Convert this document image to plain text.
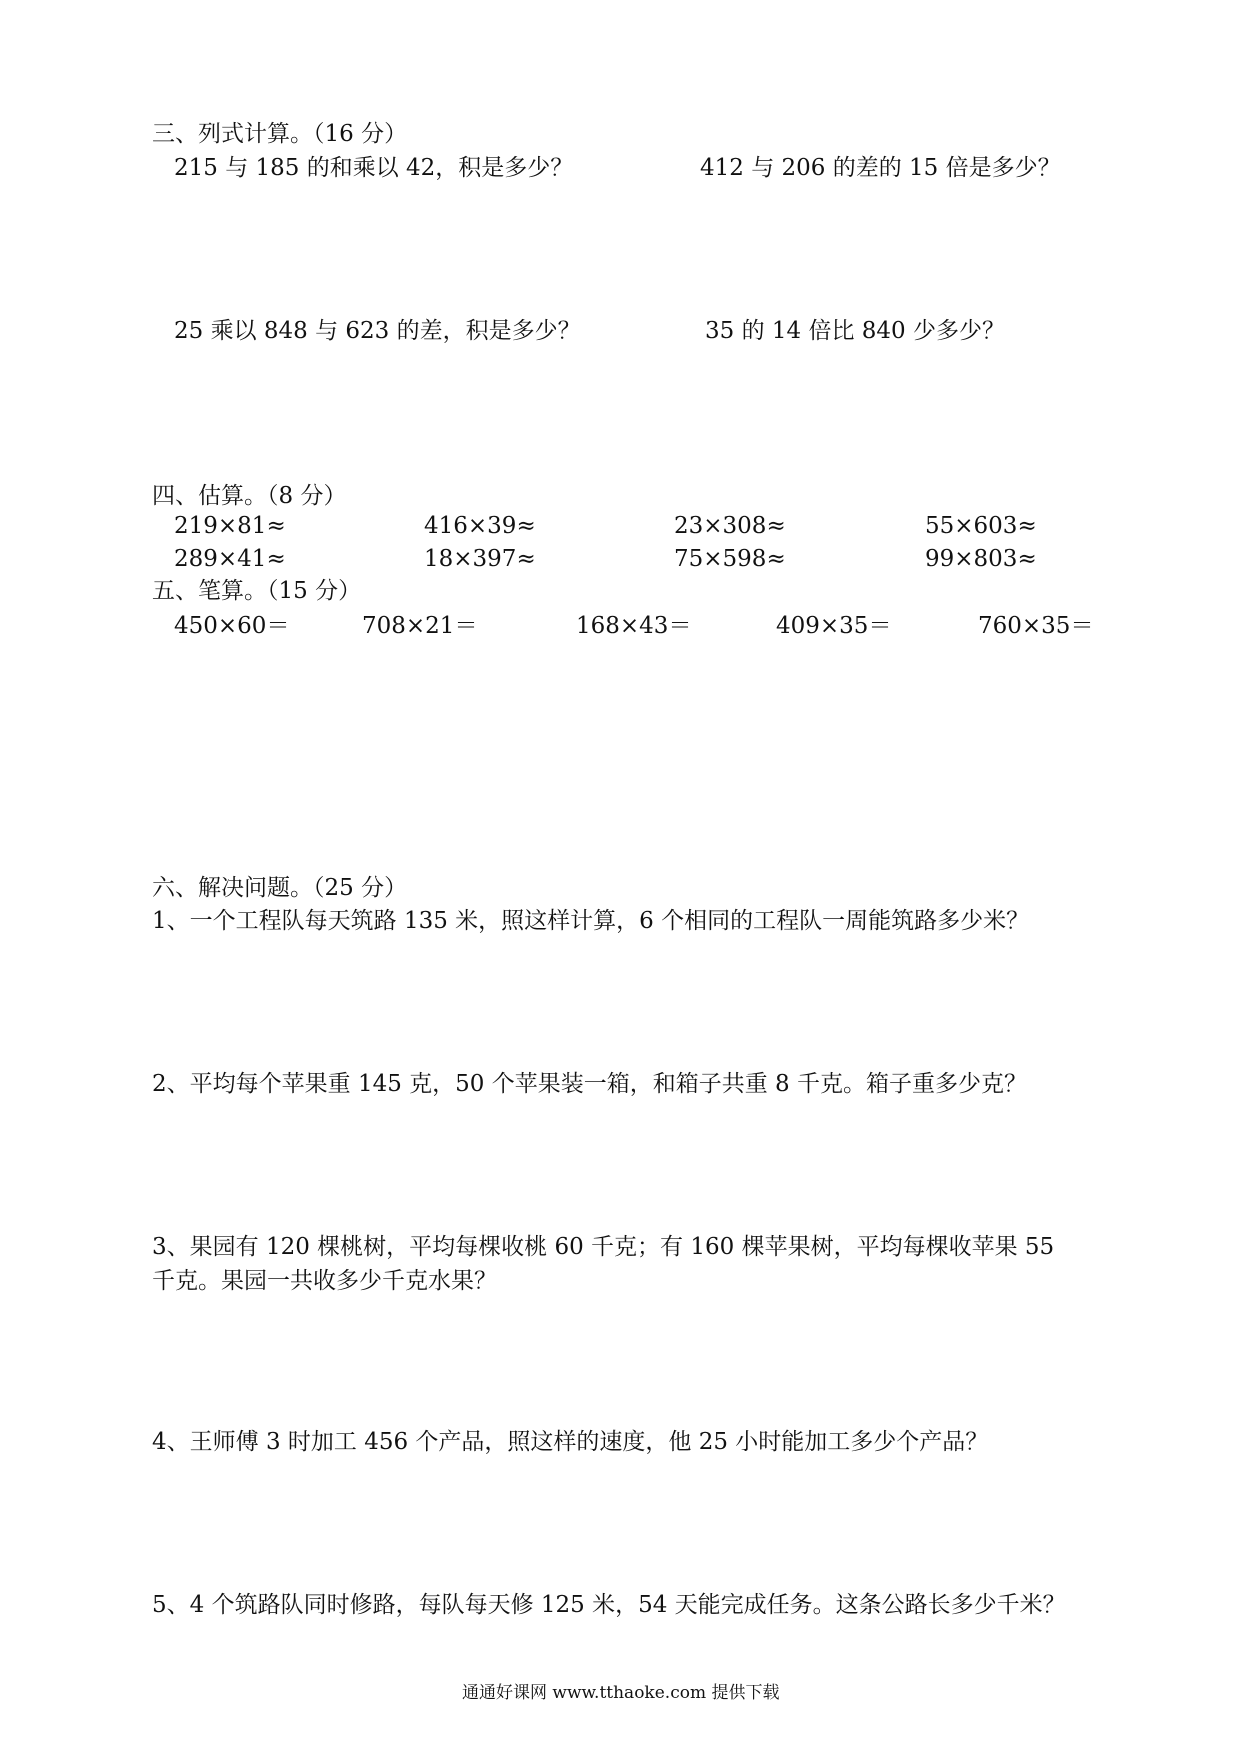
三、列式计算。（16 分）
215 与 185 的和乘以 42，积是多少？	412 与 206 的差的 15 倍是多少？
25 乘以 848 与 623 的差，积是多少？	35 的 14 倍比 840 少多少？
四、估算。（8 分）
219×81≈	416×39≈	23×308≈	55×603≈
289×41≈	18×397≈	75×598≈	99×803≈
五、笔算。（15 分）
450×60＝	708×21＝	168×43＝	409×35＝	760×35＝
六、解决问题。（25 分）
1、一个工程队每天筑路 135 米，照这样计算，6 个相同的工程队一周能筑路多少米？
2、平均每个苹果重 145 克，50 个苹果装一箱，和箱子共重 8 千克。箱子重多少克？
3、果园有 120 棵桃树，平均每棵收桃 60 千克；有 160 棵苹果树，平均每棵收苹果 55
千克。果园一共收多少千克水果？
4、王师傅 3 时加工 456 个产品，照这样的速度，他 25 小时能加工多少个产品？
5、4 个筑路队同时修路，每队每天修 125 米，54 天能完成任务。这条公路长多少千米？
通通好课网 www.tthaoke.com 提供下载
